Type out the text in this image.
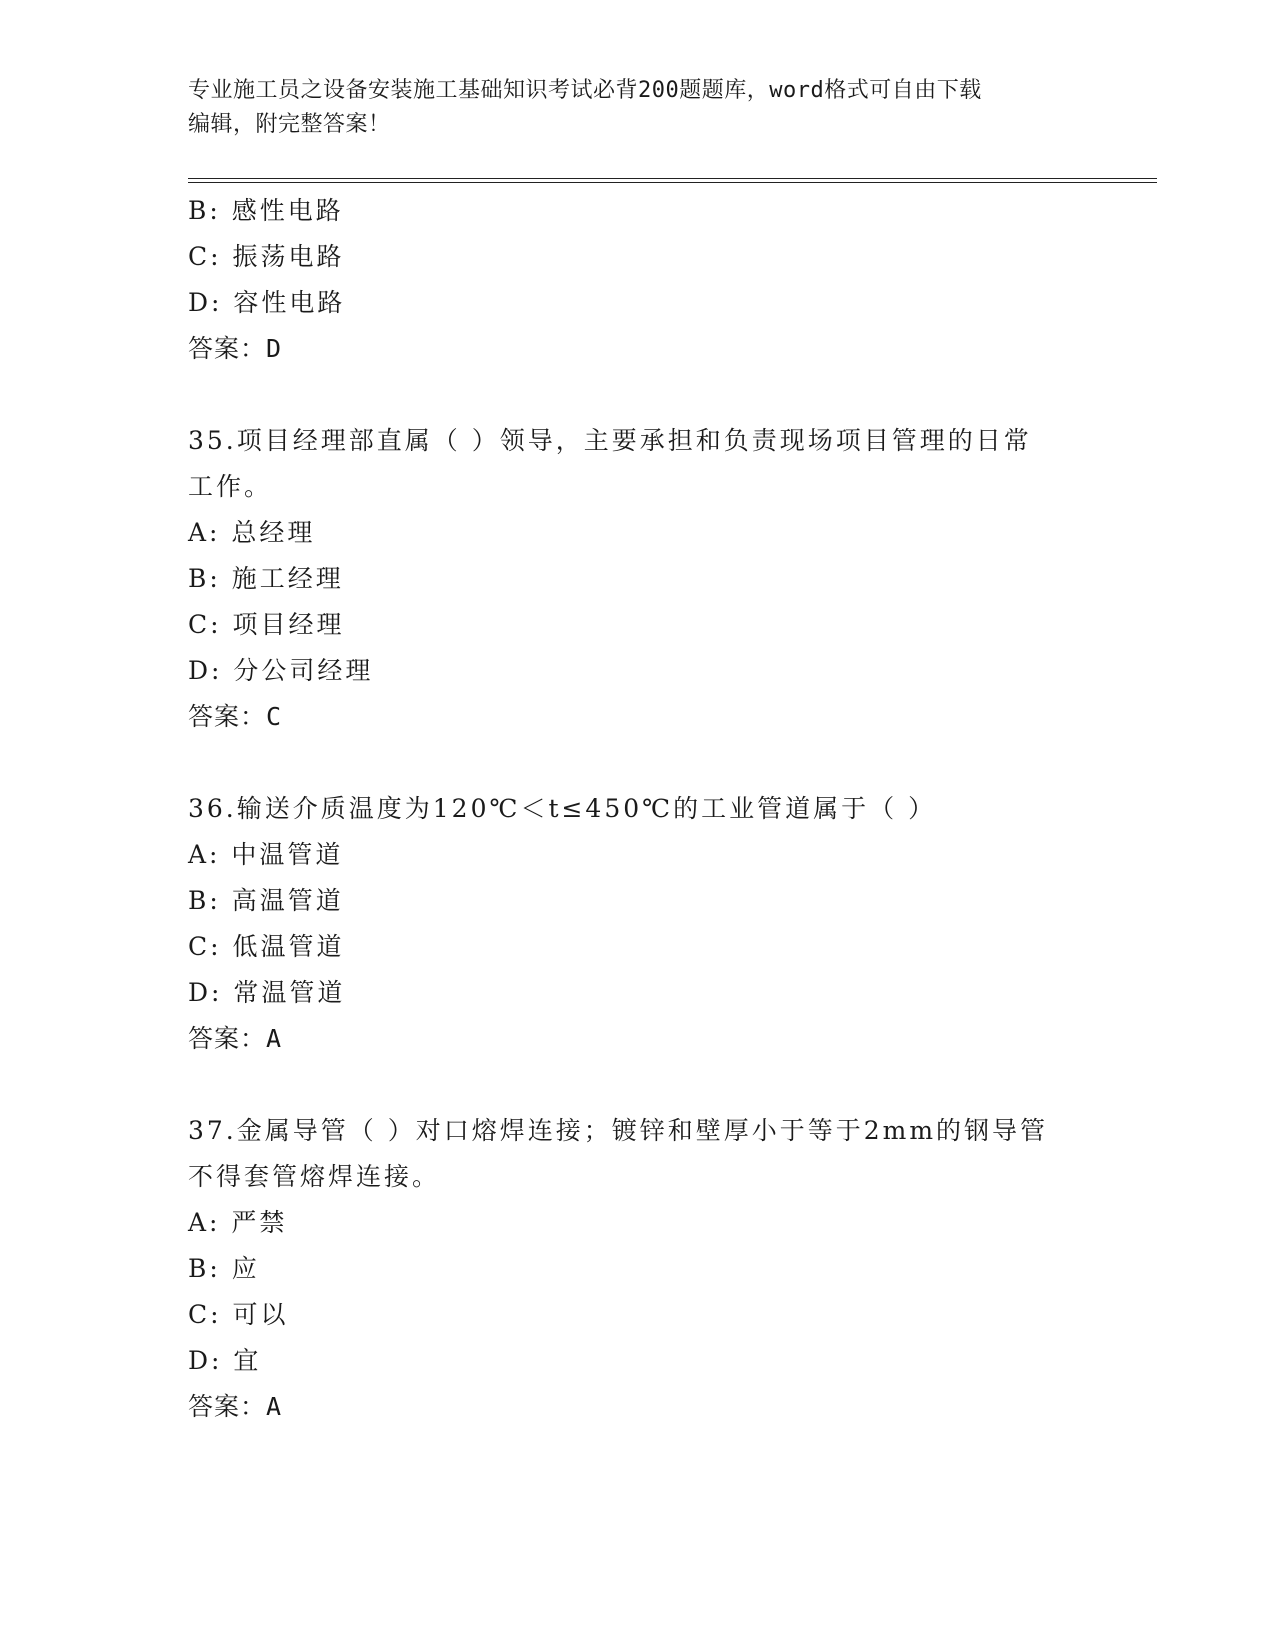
专业施工员之设备安装施工基础知识考试必背200题题库，word格式可自由下载
编辑，附完整答案！
B: 感性电路
C: 振荡电路
D: 容性电路
答案：D
35.项目经理部直属（ ）领导，主要承担和负责现场项目管理的日常
工作。
A: 总经理
B: 施工经理
C: 项目经理
D: 分公司经理
答案：C
36.输送介质温度为120℃＜t≤450℃的工业管道属于（ ）
A: 中温管道
B: 高温管道
C: 低温管道
D: 常温管道
答案：A
37.金属导管（ ）对口熔焊连接；镀锌和壁厚小于等于2mm的钢导管
不得套管熔焊连接。
A: 严禁
B: 应
C: 可以
D: 宜
答案：A
